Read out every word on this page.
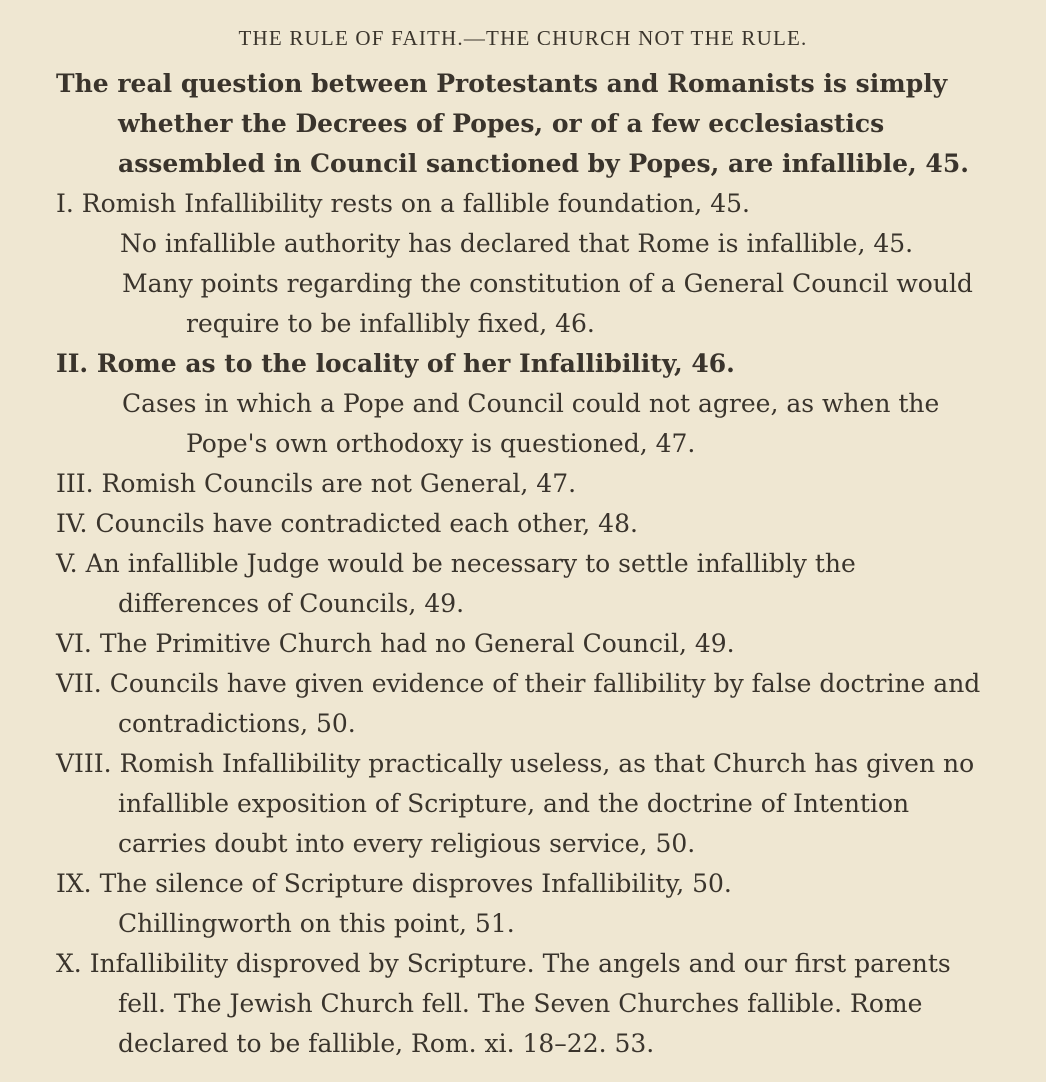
THE RULE OF FAITH.—THE CHURCH NOT THE RULE.

The real question between Protestants and Romanists is simply whether the Decrees of Popes, or of a few ecclesiastics assembled in Council sanctioned by Popes, are infallible, 45.

I. Romish Infallibility rests on a fallible foundation, 45.

No infallible authority has declared that Rome is infallible, 45.

Many points regarding the constitution of a General Council would require to be infallibly fixed, 46.

II. Rome as to the locality of her Infallibility, 46.

Cases in which a Pope and Council could not agree, as when the Pope's own orthodoxy is questioned, 47.

III. Romish Councils are not General, 47.

IV. Councils have contradicted each other, 48.

V. An infallible Judge would be necessary to settle infallibly the differences of Councils, 49.

VI. The Primitive Church had no General Council, 49.

VII. Councils have given evidence of their fallibility by false doctrine and contradictions, 50.

VIII. Romish Infallibility practically useless, as that Church has given no infallible exposition of Scripture, and the doctrine of Intention carries doubt into every religious service, 50.

IX. The silence of Scripture disproves Infallibility, 50.

Chillingworth on this point, 51.

X. Infallibility disproved by Scripture. The angels and our first parents fell. The Jewish Church fell. The Seven Churches fallible. Rome declared to be fallible, Rom. xi. 18–22. 53.
